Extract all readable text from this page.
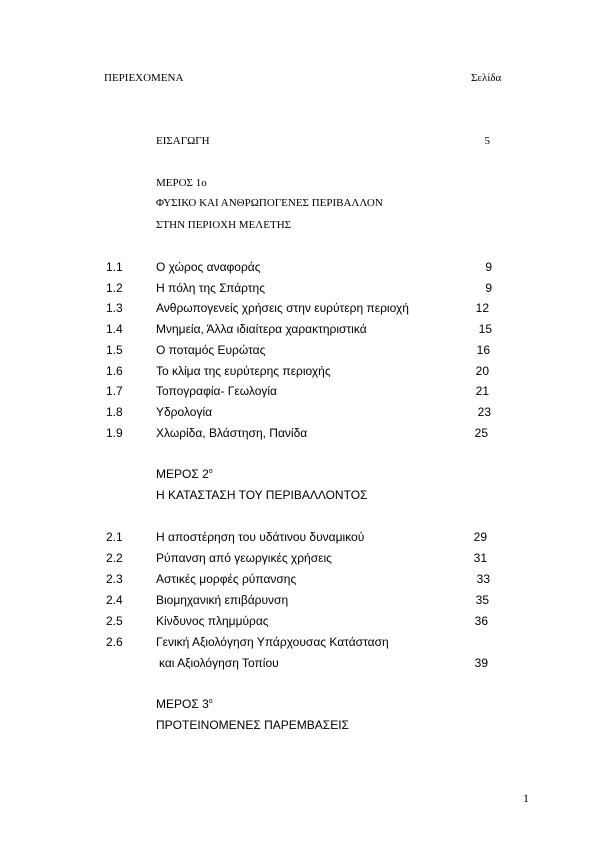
ΠΕΡΙΕΧΟΜΕΝΑ	Σελίδα
ΕΙΣΑΓΩΓΗ	5
ΜΕΡΟΣ 1ο
ΦΥΣΙΚΟ ΚΑΙ ΑΝΘΡΩΠΟΓΕΝΕΣ ΠΕΡΙΒΑΛΛΟΝ
ΣΤΗΝ ΠΕΡΙΟΧΗ ΜΕΛΕΤΗΣ
1.1	Ο χώρος αναφοράς	9
1.2	Η πόλη της Σπάρτης	9
1.3	Ανθρωπογενείς χρήσεις στην ευρύτερη περιοχή	12
1.4	Μνημεία, Άλλα ιδιαίτερα χαρακτηριστικά	15
1.5	Ο ποταμός Ευρώτας	16
1.6	Το κλίμα της ευρύτερης περιοχής	20
1.7	Τοπογραφία- Γεωλογία	21
1.8	Υδρολογία	23
1.9	Χλωρίδα, Βλάστηση, Πανίδα	25
ΜΕΡΟΣ $2^o$
Η ΚΑΤΑΣΤΑΣΗ ΤΟΥ ΠΕΡΙΒΑΛΛΟΝΤΟΣ
2.1	Η αποστέρηση του υδάτινου δυναμικού	29
2.2	Ρύπανση από γεωργικές χρήσεις	31
2.3	Αστικές μορφές ρύπανσης	33
2.4	Βιομηχανική επιβάρυνση	35
2.5	Κίνδυνος πλημμύρας	36
2.6	Γενική Αξιολόγηση Υπάρχουσας Κατάσταση
και Αξιολόγηση Τοπίου	39
ΜΕΡΟΣ $3^o$
ΠΡΟΤΕΙΝΟΜΕΝΕΣ ΠΑΡΕΜΒΑΣΕΙΣ
1
